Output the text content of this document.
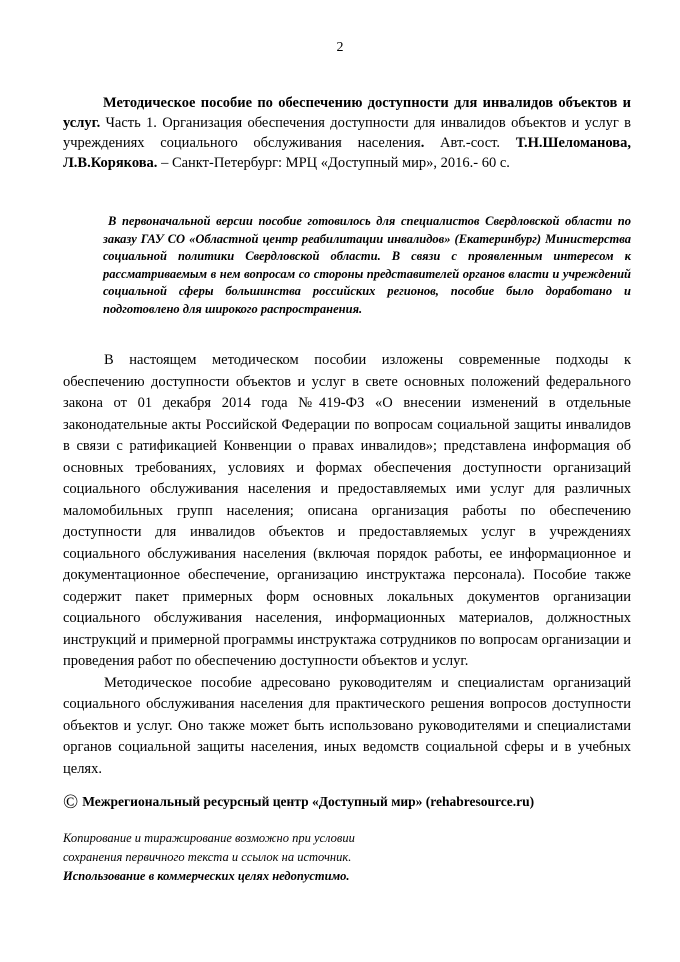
2
Методическое пособие по обеспечению доступности для инвалидов объектов и услуг. Часть 1. Организация обеспечения доступности для инвалидов объектов и услуг в учреждениях социального обслуживания населения. Авт.-сост. Т.Н.Шеломанова, Л.В.Корякова. – Санкт-Петербург: МРЦ «Доступный мир», 2016.- 60 с.
В первоначальной версии пособие готовилось для специалистов Свердловской области по заказу ГАУ СО «Областной центр реабилитации инвалидов» (Екатеринбург) Министерства социальной политики Свердловской области. В связи с проявленным интересом к рассматриваемым в нем вопросам со стороны представителей органов власти и учреждений социальной сферы большинства российских регионов, пособие было доработано и подготовлено для широкого распространения.

В настоящем методическом пособии изложены современные подходы к обеспечению доступности объектов и услуг в свете основных положений федерального закона от 01 декабря 2014 года №419-ФЗ «О внесении изменений в отдельные законодательные акты Российской Федерации по вопросам социальной защиты инвалидов в связи с ратификацией Конвенции о правах инвалидов»; представлена информация об основных требованиях, условиях и формах обеспечения доступности организаций социального обслуживания населения и предоставляемых ими услуг для различных маломобильных групп населения; описана организация работы по обеспечению доступности для инвалидов объектов и предоставляемых услуг в учреждениях социального обслуживания населения (включая порядок работы, ее информационное и документационное обеспечение, организацию инструктажа персонала). Пособие также содержит пакет примерных форм основных локальных документов организации социального обслуживания населения, информационных материалов, должностных инструкций и примерной программы инструктажа сотрудников по вопросам организации и проведения работ по обеспечению доступности объектов и услуг.

Методическое пособие адресовано руководителям и специалистам организаций социального обслуживания населения для практического решения вопросов доступности объектов и услуг. Оно также может быть использовано руководителями и специалистами органов социальной защиты населения, иных ведомств социальной сферы и в учебных целях.

© Межрегиональный ресурсный центр «Доступный мир» (rehabresource.ru)
Копирование и тиражирование возможно при условии
сохранения первичного текста и ссылок на источник.
Использование в коммерческих целях недопустимо.
